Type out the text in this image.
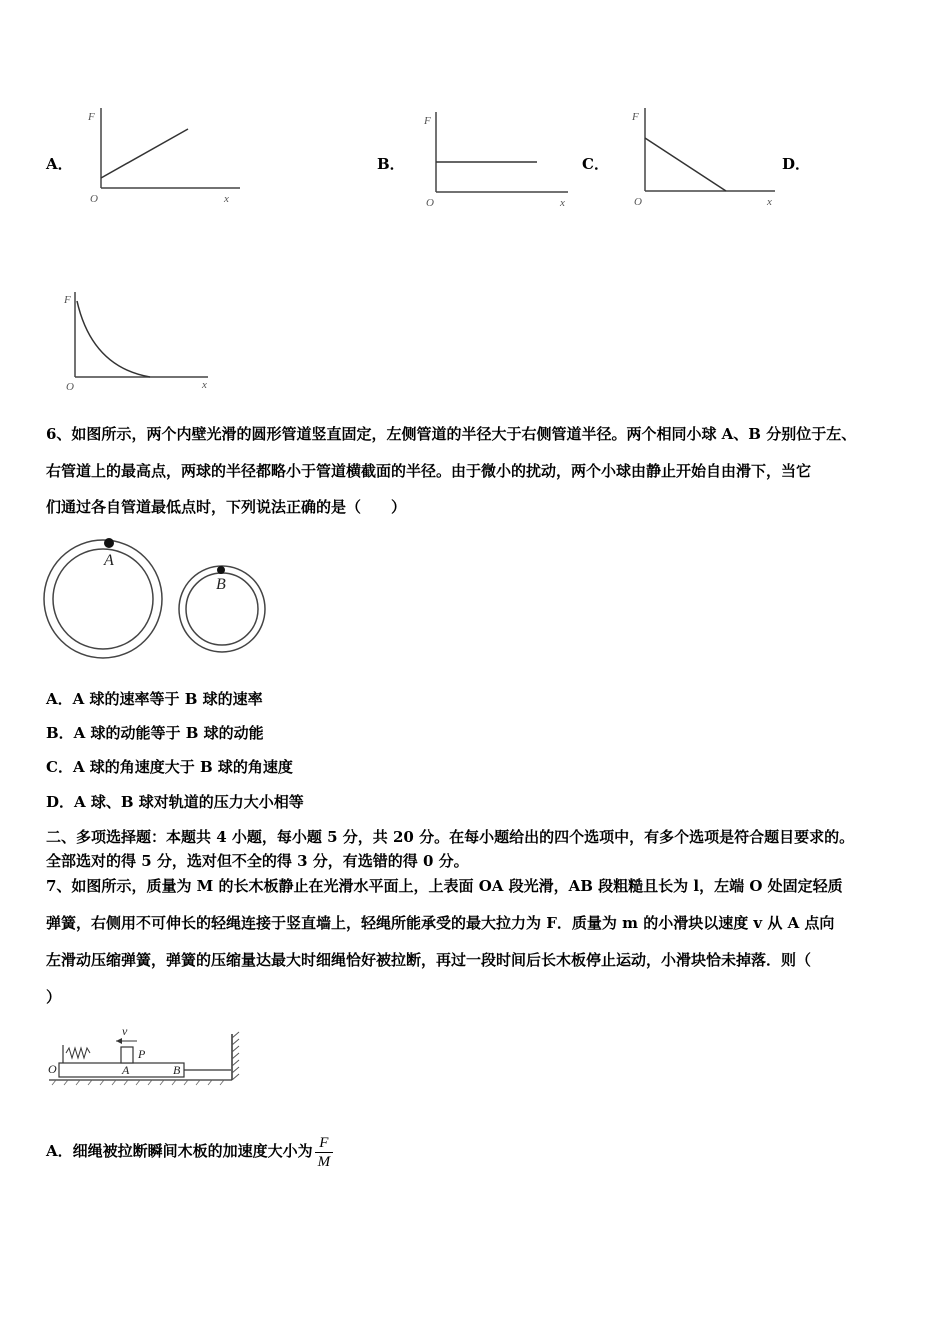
A．	B．	C．	D．
F
O	x
F
O	x
F
O	x
F
O	x
6、如图所示，两个内壁光滑的圆形管道竖直固定，左侧管道的半径大于右侧管道半径。两个相同小球 A、B 分别位于左、
右管道上的最高点，两球的半径都略小于管道横截面的半径。由于微小的扰动，两个小球由静止开始自由滑下，当它
们通过各自管道最低点时，下列说法正确的是（　　）
A
B
A．A 球的速率等于 B 球的速率
B．A 球的动能等于 B 球的动能
C．A 球的角速度大于 B 球的角速度
D．A 球、B 球对轨道的压力大小相等
二、多项选择题：本题共 4 小题，每小题 5 分，共 20 分。在每小题给出的四个选项中，有多个选项是符合题目要求的。
全部选对的得 5 分，选对但不全的得 3 分，有选错的得 0 分。
7、如图所示，质量为 M 的长木板静止在光滑水平面上，上表面 OA 段光滑，AB 段粗糙且长为 l，左端 O 处固定轻质
弹簧，右侧用不可伸长的轻绳连接于竖直墙上，轻绳所能承受的最大拉力为 F．质量为 m 的小滑块以速度 v 从 A 点向
左滑动压缩弹簧，弹簧的压缩量达最大时细绳恰好被拉断，再过一段时间后长木板停止运动，小滑块恰未掉落．则（
）
P
v
O	A	B
A．细绳被拉断瞬间木板的加速度大小为 $\frac{F}{M}$
